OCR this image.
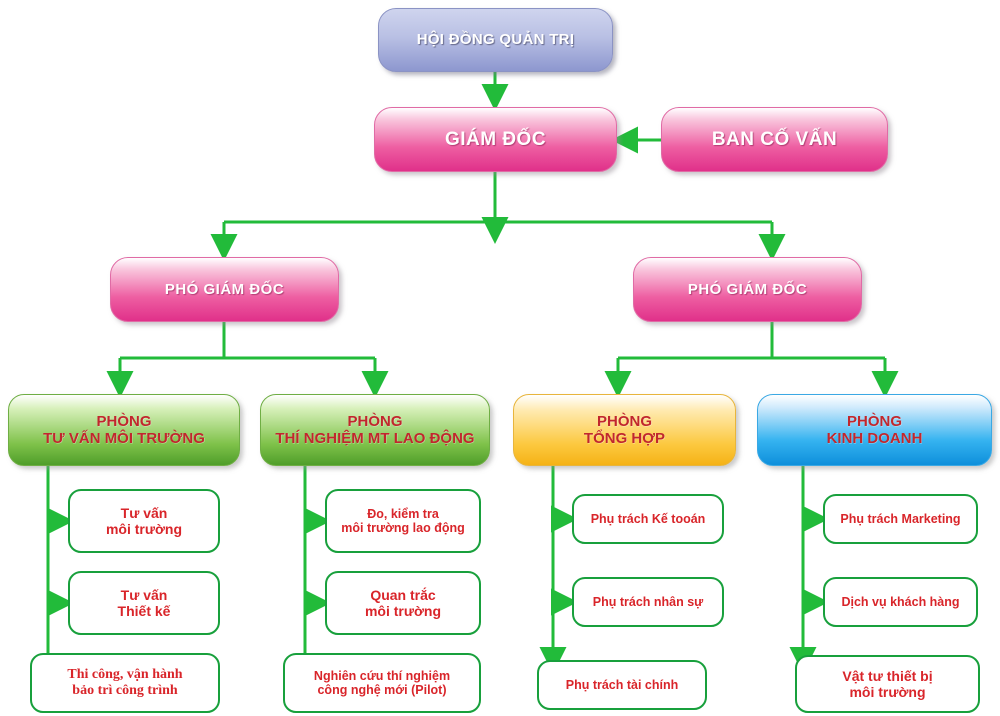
HỘI ĐỒNG QUẢN TRỊ
GIÁM ĐỐC	BAN CỐ VẤN
PHÓ GIÁM ĐỐC	PHÓ GIÁM ĐỐC
PHÒNG
TƯ VẤN MÔI TRƯỜNG
PHÒNG
THÍ NGHIỆM MT LAO ĐỘNG
PHÒNG
TỔNG HỢP
PHÒNG
KINH DOANH
Tư vấn
môi trường
Tư vấn
Thiết kế
Thi công, vận hành
bảo trì công trình
Đo, kiểm tra
môi trường lao động
Quan trắc
môi trường
Nghiên cứu thí nghiệm
công nghệ mới (Pilot)
Phụ trách Kế tooán
Phụ trách nhân sự
Phụ trách tài chính
Phụ trách Marketing
Dịch vụ khách hàng
Vật tư thiết bị
môi trường
